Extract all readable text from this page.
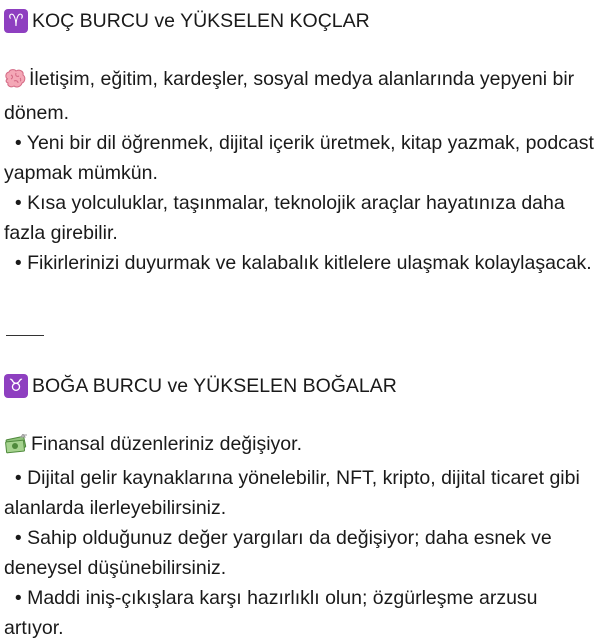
♈ KOÇ BURCU ve YÜKSELEN KOÇLAR
İletişim, eğitim, kardeşler, sosyal medya alanlarında yepyeni bir dönem.
• Yeni bir dil öğrenmek, dijital içerik üretmek, kitap yazmak, podcast yapmak mümkün.
• Kısa yolculuklar, taşınmalar, teknolojik araçlar hayatınıza daha fazla girebilir.
• Fikirlerinizi duyurmak ve kalabalık kitlelere ulaşmak kolaylaşacak.
♉ BOĞA BURCU ve YÜKSELEN BOĞALAR
Finansal düzenleriniz değişiyor.
• Dijital gelir kaynaklarına yönelebilir, NFT, kripto, dijital ticaret gibi alanlarda ilerleyebilirsiniz.
• Sahip olduğunuz değer yargıları da değişiyor; daha esnek ve deneysel düşünebilirsiniz.
• Maddi iniş-çıkışlara karşı hazırlıklı olun; özgürleşme arzusu artıyor.
